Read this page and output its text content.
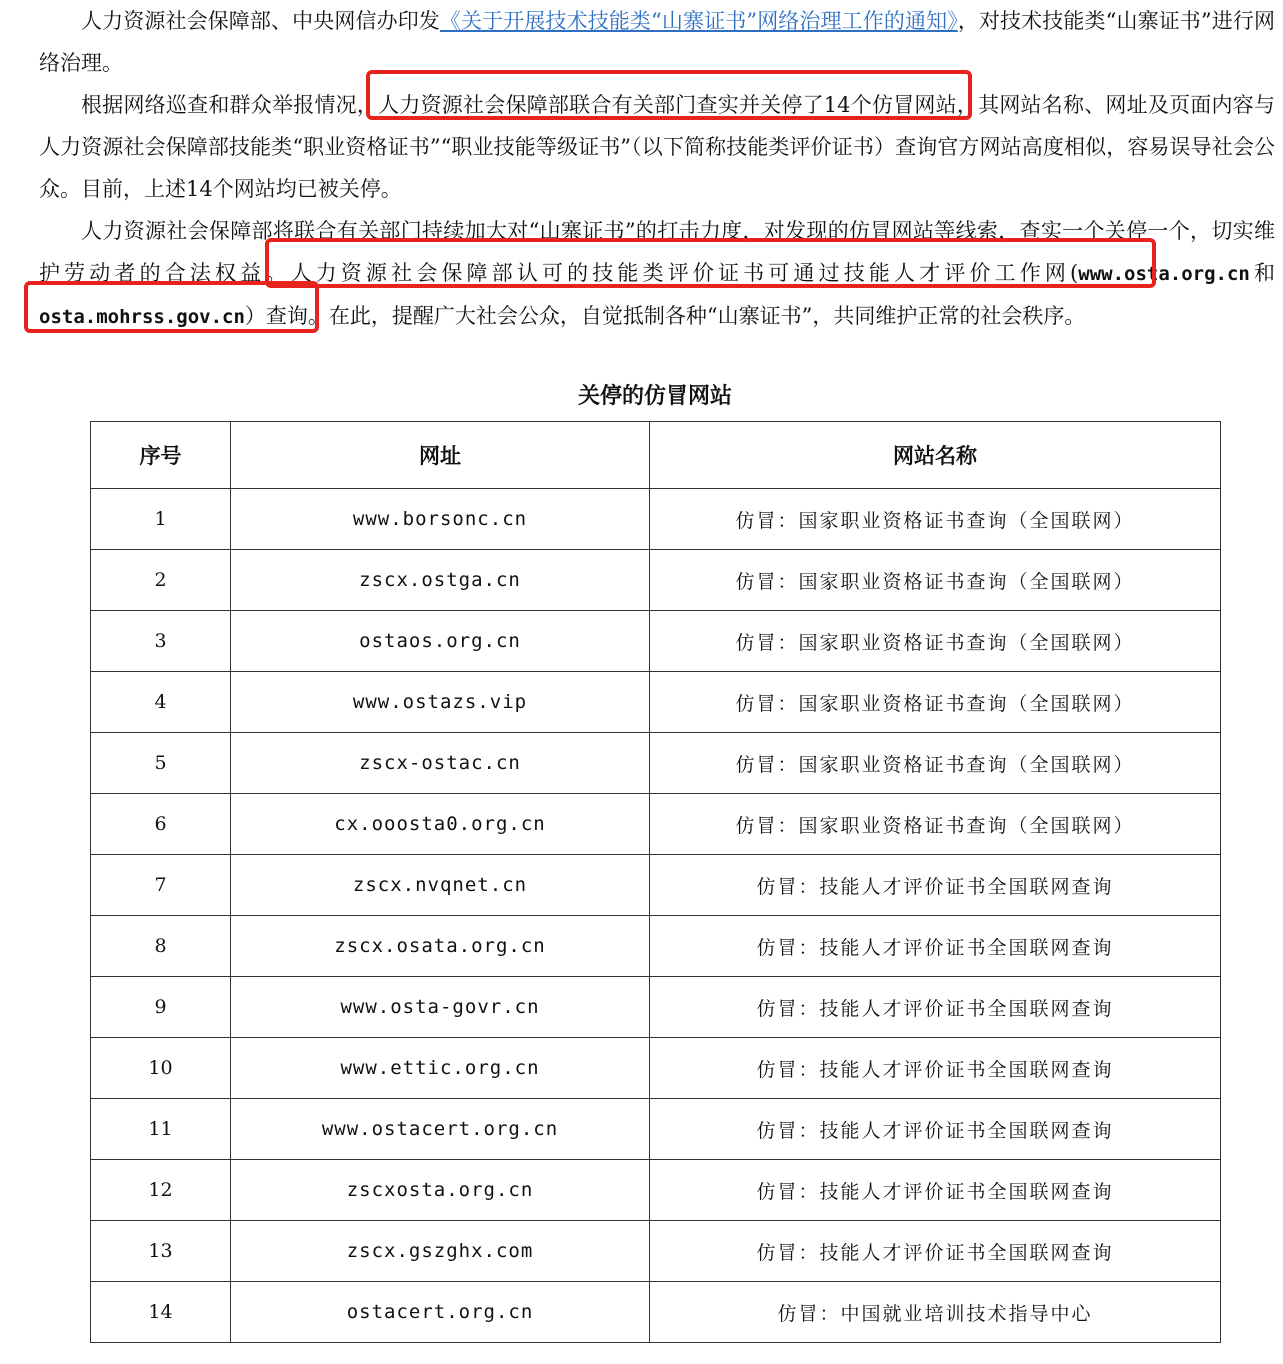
人力资源社会保障部、中央网信办印发《关于开展技术技能类“山寨证书”网络治理工作的通知》，对技术技能类“山寨证书”进行网络治理。

根据网络巡查和群众举报情况，人力资源社会保障部联合有关部门查实并关停了14个仿冒网站，其网站名称、网址及页面内容与人力资源社会保障部技能类“职业资格证书”“职业技能等级证书”（以下简称技能类评价证书）查询官方网站高度相似，容易误导社会公众。目前，上述14个网站均已被关停。

人力资源社会保障部将联合有关部门持续加大对“山寨证书”的打击力度，对发现的仿冒网站等线索，查实一个关停一个，切实维护劳动者的合法权益。人力资源社会保障部认可的技能类评价证书可通过技能人才评价工作网(www.osta.org.cn和osta.mohrss.gov.cn）查询。在此，提醒广大社会公众，自觉抵制各种“山寨证书”，共同维护正常的社会秩序。

关停的仿冒网站
序号	网址	网站名称
1	www.borsonc.cn	仿冒：国家职业资格证书查询（全国联网）
2	zscx.ostga.cn	仿冒：国家职业资格证书查询（全国联网）
3	ostaos.org.cn	仿冒：国家职业资格证书查询（全国联网）
4	www.ostazs.vip	仿冒：国家职业资格证书查询（全国联网）
5	zscx-ostac.cn	仿冒：国家职业资格证书查询（全国联网）
6	cx.ooosta0.org.cn	仿冒：国家职业资格证书查询（全国联网）
7	zscx.nvqnet.cn	仿冒：技能人才评价证书全国联网查询
8	zscx.osata.org.cn	仿冒：技能人才评价证书全国联网查询
9	www.osta-govr.cn	仿冒：技能人才评价证书全国联网查询
10	www.ettic.org.cn	仿冒：技能人才评价证书全国联网查询
11	www.ostacert.org.cn	仿冒：技能人才评价证书全国联网查询
12	zscxosta.org.cn	仿冒：技能人才评价证书全国联网查询
13	zscx.gszghx.com	仿冒：技能人才评价证书全国联网查询
14	ostacert.org.cn	仿冒：中国就业培训技术指导中心
